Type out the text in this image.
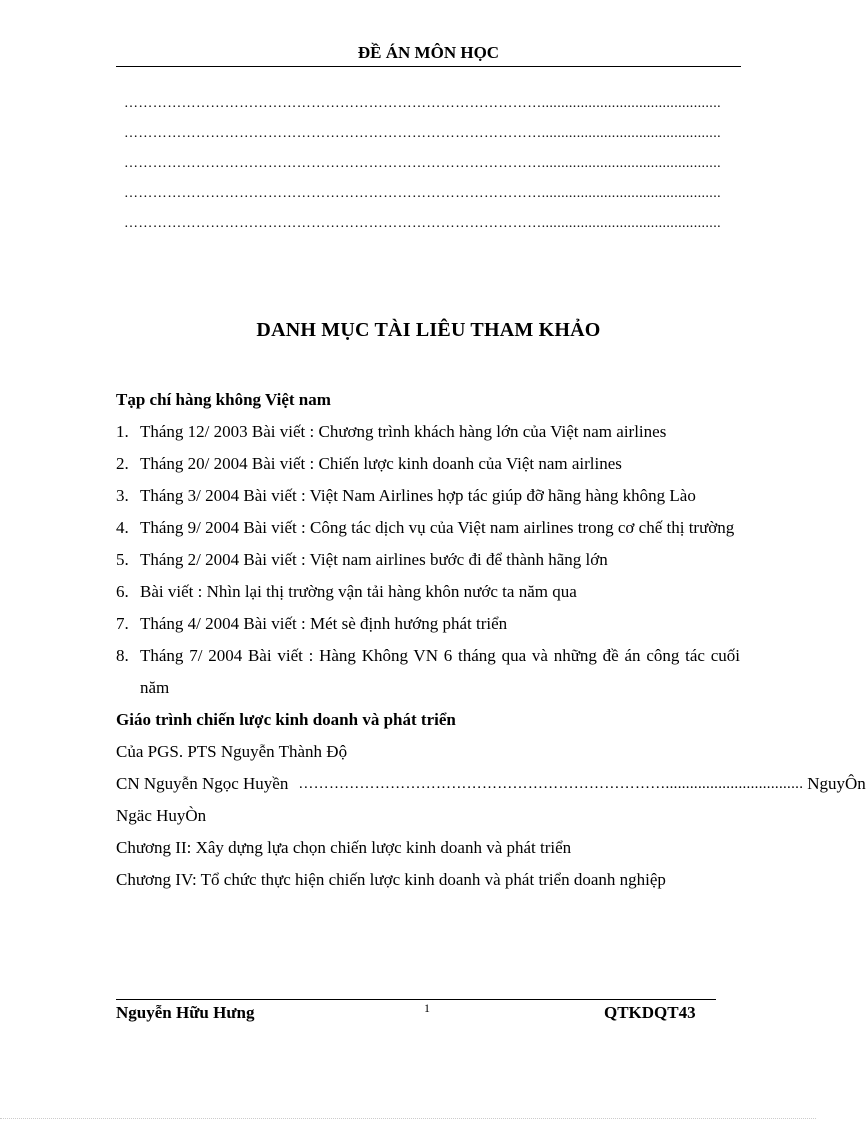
ĐỀ ÁN MÔN HỌC
……………………………………………………………………………..............................................
……………………………………………………………………………..............................................
……………………………………………………………………………..............................................
……………………………………………………………………………..............................................
……………………………………………………………………………..............................................
DANH MỤC TÀI LIÊU THAM KHẢO

Tạp chí hàng không Việt nam

1. Tháng 12/ 2003 Bài viết : Chương trình khách hàng lớn của Việt nam airlines
2. Tháng 20/ 2004 Bài viết : Chiến lược kinh doanh của Việt nam airlines
3. Tháng 3/ 2004 Bài viết : Việt Nam Airlines hợp tác giúp đỡ hãng hàng không Lào
4. Tháng 9/ 2004 Bài viết : Công tác dịch vụ của Việt nam airlines trong cơ chế thị trường
5. Tháng 2/ 2004 Bài viết : Việt nam airlines bước đi để thành hãng lớn
6. Bài viết : Nhìn lại thị trường vận tải hàng khôn nước ta năm qua
7. Tháng 4/ 2004 Bài viết : Mét sè định hướng phát triển
8. Tháng 7/ 2004 Bài viết : Hàng Không VN 6 tháng qua và những đề án công tác cuối năm

Giáo trình chiến lược kinh doanh và phát triển

Của PGS. PTS Nguyễn Thành Độ

CN Nguyễn Ngọc Huyền ……………………………………………………………….................................. NguyÔn

Ngäc HuyÒn

Chương II: Xây dựng lựa chọn chiến lược kinh doanh và phát triển

Chương IV: Tổ chức thực hiện chiến lược kinh doanh và phát triển doanh nghiệp

Nguyễn Hữu Hưng	1	QTKDQT43
